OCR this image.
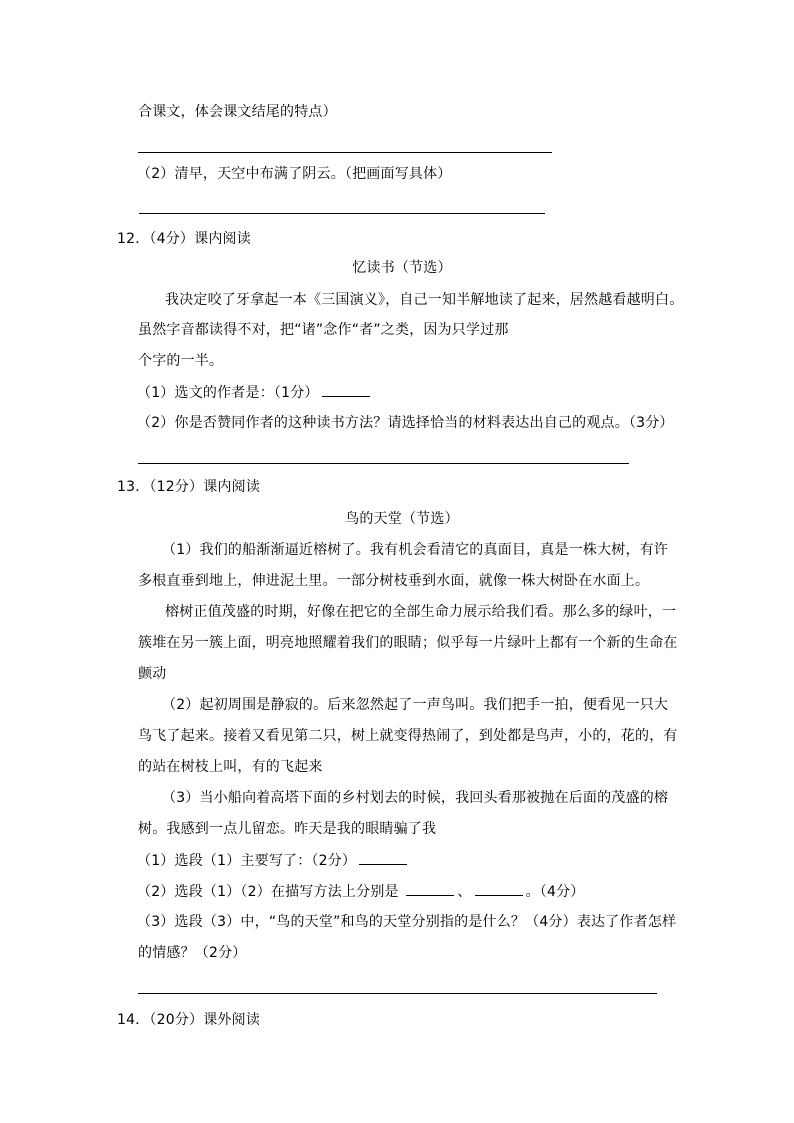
合课文，体会课文结尾的特点）
（2）清早，天空中布满了阴云。（把画面写具体）
12．（4分）课内阅读
忆读书（节选）
我决定咬了牙拿起一本《三国演义》，自己一知半解地读了起来，居然越看越明白。
虽然字音都读得不对，把“诸”念作“者”之类，因为只学过那
个字的一半。
（1）选文的作者是：（1分）
（2）你是否赞同作者的这种读书方法？请选择恰当的材料表达出自己的观点。（3分）
13．（12分）课内阅读
鸟的天堂（节选）
（1）我们的船渐渐逼近榕树了。我有机会看清它的真面目，真是一株大树，有许
多根直垂到地上，伸进泥土里。一部分树枝垂到水面，就像一株大树卧在水面上。
榕树正值茂盛的时期，好像在把它的全部生命力展示给我们看。那么多的绿叶，一
簇堆在另一簇上面，明亮地照耀着我们的眼睛；似乎每一片绿叶上都有一个新的生命在
颤动
（2）起初周围是静寂的。后来忽然起了一声鸟叫。我们把手一拍，便看见一只大
鸟飞了起来。接着又看见第二只，树上就变得热闹了，到处都是鸟声，小的，花的，有
的站在树枝上叫，有的飞起来
（3）当小船向着高塔下面的乡村划去的时候，我回头看那被抛在后面的茂盛的榕
树。我感到一点儿留恋。昨天是我的眼睛骗了我
（1）选段（1）主要写了：（2分）
（2）选段（1）（2）在描写方法上分别是	、	。（4分）
（3）选段（3）中，“鸟的天堂”和鸟的天堂分别指的是什么？（4分）表达了作者怎样
的情感？（2分）
14．（20分）课外阅读
